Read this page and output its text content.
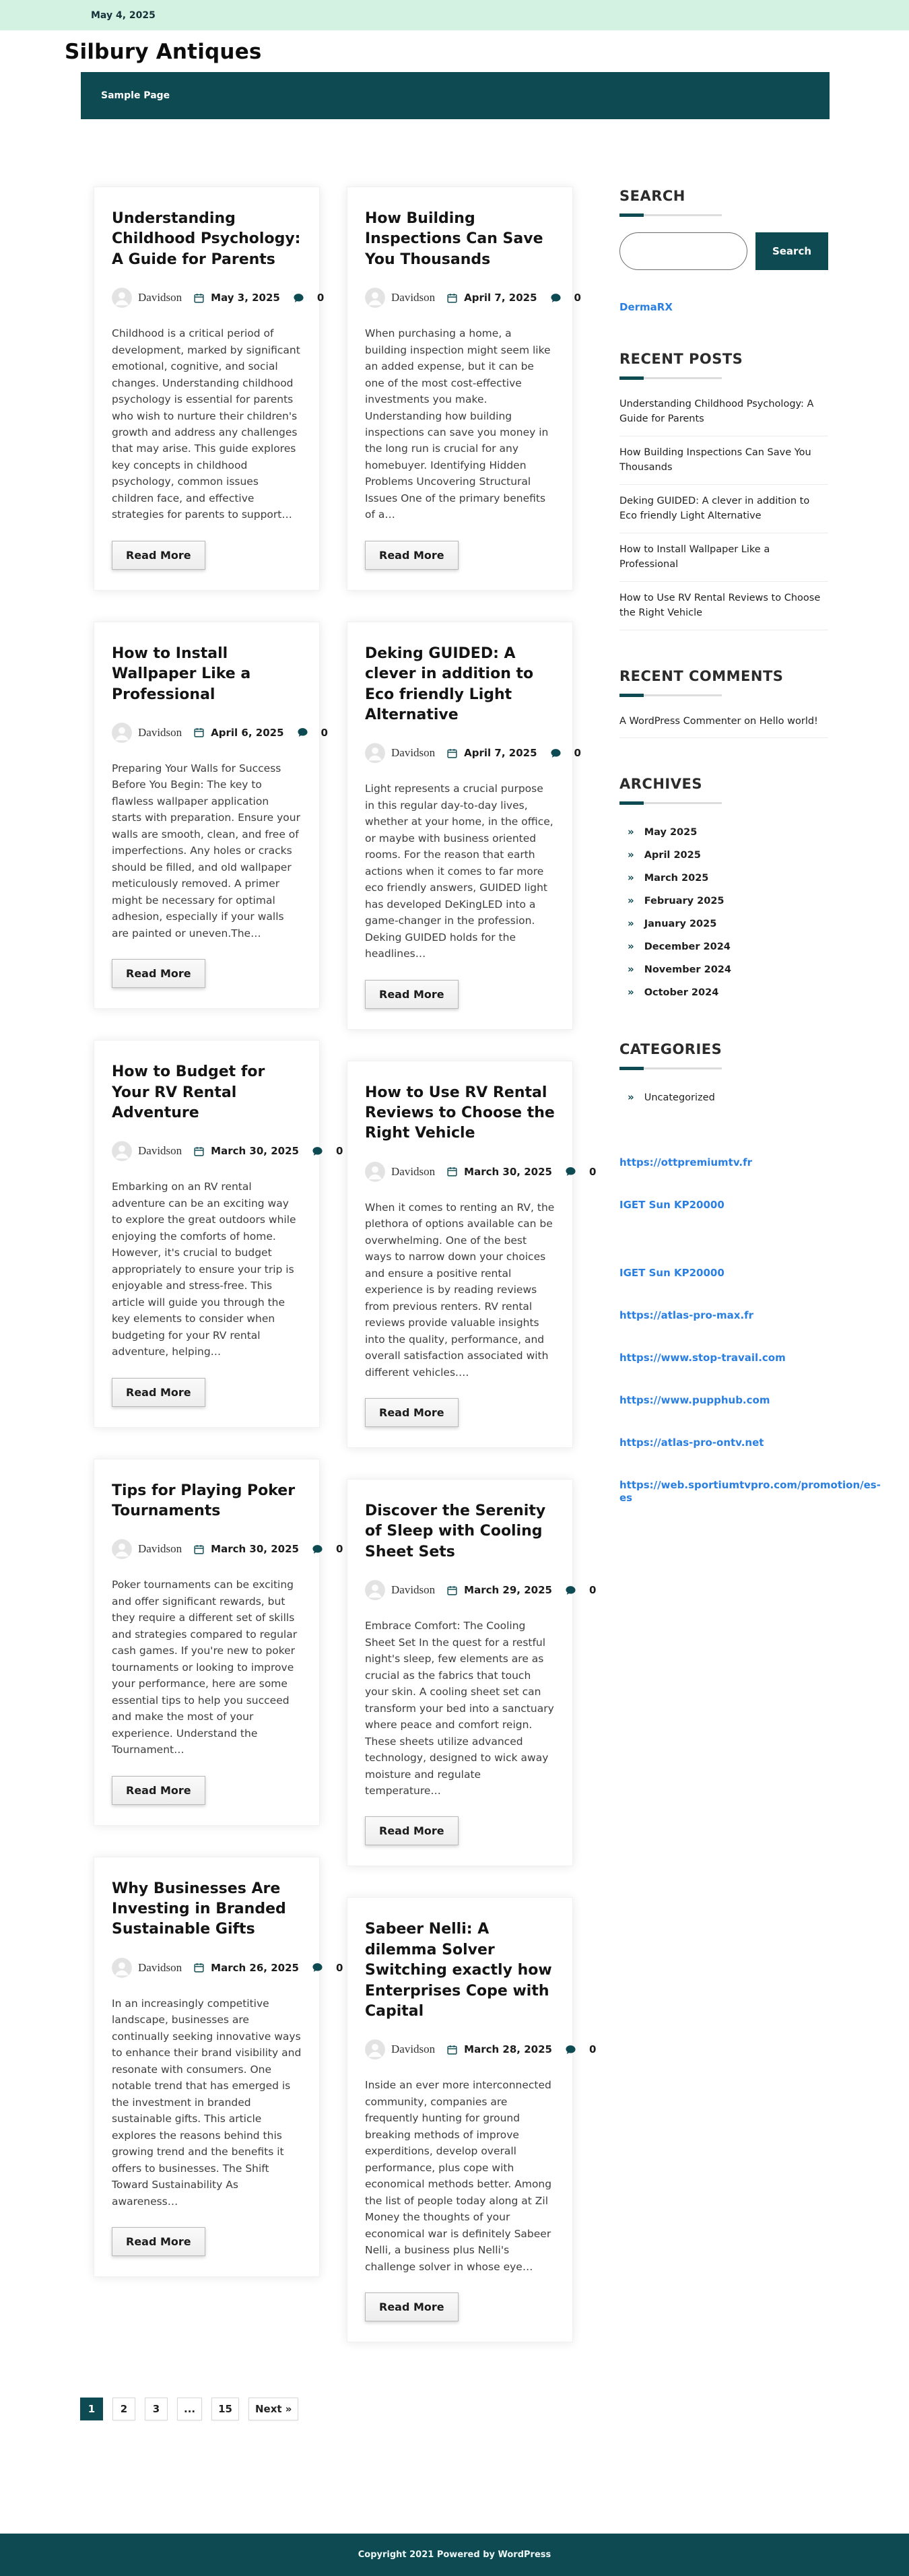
May 4, 2025
Silbury Antiques
Sample Page
Understanding Childhood Psychology: A Guide for Parents
Davidson	May 3, 2025	0
Childhood is a critical period of development, marked by significant emotional, cognitive, and social changes. Understanding childhood psychology is essential for parents who wish to nurture their children's growth and address any challenges that may arise. This guide explores key concepts in childhood psychology, common issues children face, and effective strategies for parents to support…
Read More
How to Install Wallpaper Like a Professional
Davidson	April 6, 2025	0
Preparing Your Walls for Success Before You Begin: The key to flawless wallpaper application starts with preparation. Ensure your walls are smooth, clean, and free of imperfections. Any holes or cracks should be filled, and old wallpaper meticulously removed. A primer might be necessary for optimal adhesion, especially if your walls are painted or uneven.The…
Read More
How to Budget for Your RV Rental Adventure
Davidson	March 30, 2025	0
Embarking on an RV rental adventure can be an exciting way to explore the great outdoors while enjoying the comforts of home. However, it's crucial to budget appropriately to ensure your trip is enjoyable and stress-free. This article will guide you through the key elements to consider when budgeting for your RV rental adventure, helping…
Read More
Tips for Playing Poker Tournaments
Davidson	March 30, 2025	0
Poker tournaments can be exciting and offer significant rewards, but they require a different set of skills and strategies compared to regular cash games. If you're new to poker tournaments or looking to improve your performance, here are some essential tips to help you succeed and make the most of your experience. Understand the Tournament…
Read More
Why Businesses Are Investing in Branded Sustainable Gifts
Davidson	March 26, 2025	0
In an increasingly competitive landscape, businesses are continually seeking innovative ways to enhance their brand visibility and resonate with consumers. One notable trend that has emerged is the investment in branded sustainable gifts. This article explores the reasons behind this growing trend and the benefits it offers to businesses. The Shift Toward Sustainability As awareness…
Read More
How Building Inspections Can Save You Thousands
Davidson	April 7, 2025	0
When purchasing a home, a building inspection might seem like an added expense, but it can be one of the most cost-effective investments you make. Understanding how building inspections can save you money in the long run is crucial for any homebuyer. Identifying Hidden Problems Uncovering Structural Issues One of the primary benefits of a…
Read More
Deking GUIDED: A clever in addition to Eco friendly Light Alternative
Davidson	April 7, 2025	0
Light represents a crucial purpose in this regular day-to-day lives, whether at your home, in the office, or maybe with business oriented rooms. For the reason that earth actions when it comes to far more eco friendly answers, GUIDED light has developed DeKingLED into a game-changer in the profession. Deking GUIDED holds for the headlines…
Read More
How to Use RV Rental Reviews to Choose the Right Vehicle
Davidson	March 30, 2025	0
When it comes to renting an RV, the plethora of options available can be overwhelming. One of the best ways to narrow down your choices and ensure a positive rental experience is by reading reviews from previous renters. RV rental reviews provide valuable insights into the quality, performance, and overall satisfaction associated with different vehicles.…
Read More
Discover the Serenity of Sleep with Cooling Sheet Sets
Davidson	March 29, 2025	0
Embrace Comfort: The Cooling Sheet Set In the quest for a restful night's sleep, few elements are as crucial as the fabrics that touch your skin. A cooling sheet set can transform your bed into a sanctuary where peace and comfort reign. These sheets utilize advanced technology, designed to wick away moisture and regulate temperature…
Read More
Sabeer Nelli: A dilemma Solver Switching exactly how Enterprises Cope with Capital
Davidson	March 28, 2025	0
Inside an ever more interconnected community, companies are frequently hunting for ground breaking methods of improve experditions, develop overall performance, plus cope with economical methods better. Among the list of people today along at Zil Money the thoughts of your economical war is definitely Sabeer Nelli, a business plus Nelli's challenge solver in whose eye…
Read More
SEARCH
Search
DermaRX
RECENT POSTS
Understanding Childhood Psychology: A Guide for Parents
How Building Inspections Can Save You Thousands
Deking GUIDED: A clever in addition to Eco friendly Light Alternative
How to Install Wallpaper Like a Professional
How to Use RV Rental Reviews to Choose the Right Vehicle
RECENT COMMENTS
A WordPress Commenter on Hello world!
ARCHIVES
» May 2025
» April 2025
» March 2025
» February 2025
» January 2025
» December 2024
» November 2024
» October 2024
CATEGORIES
» Uncategorized
https://ottpremiumtv.fr
IGET Sun KP20000
IGET Sun KP20000
https://atlas-pro-max.fr
https://www.stop-travail.com
https://www.pupphub.com
https://atlas-pro-ontv.net
https://web.sportiumtvpro.com/promotion/es-es
1	2	3	...	15	Next »
Copyright 2021 Powered by WordPress
